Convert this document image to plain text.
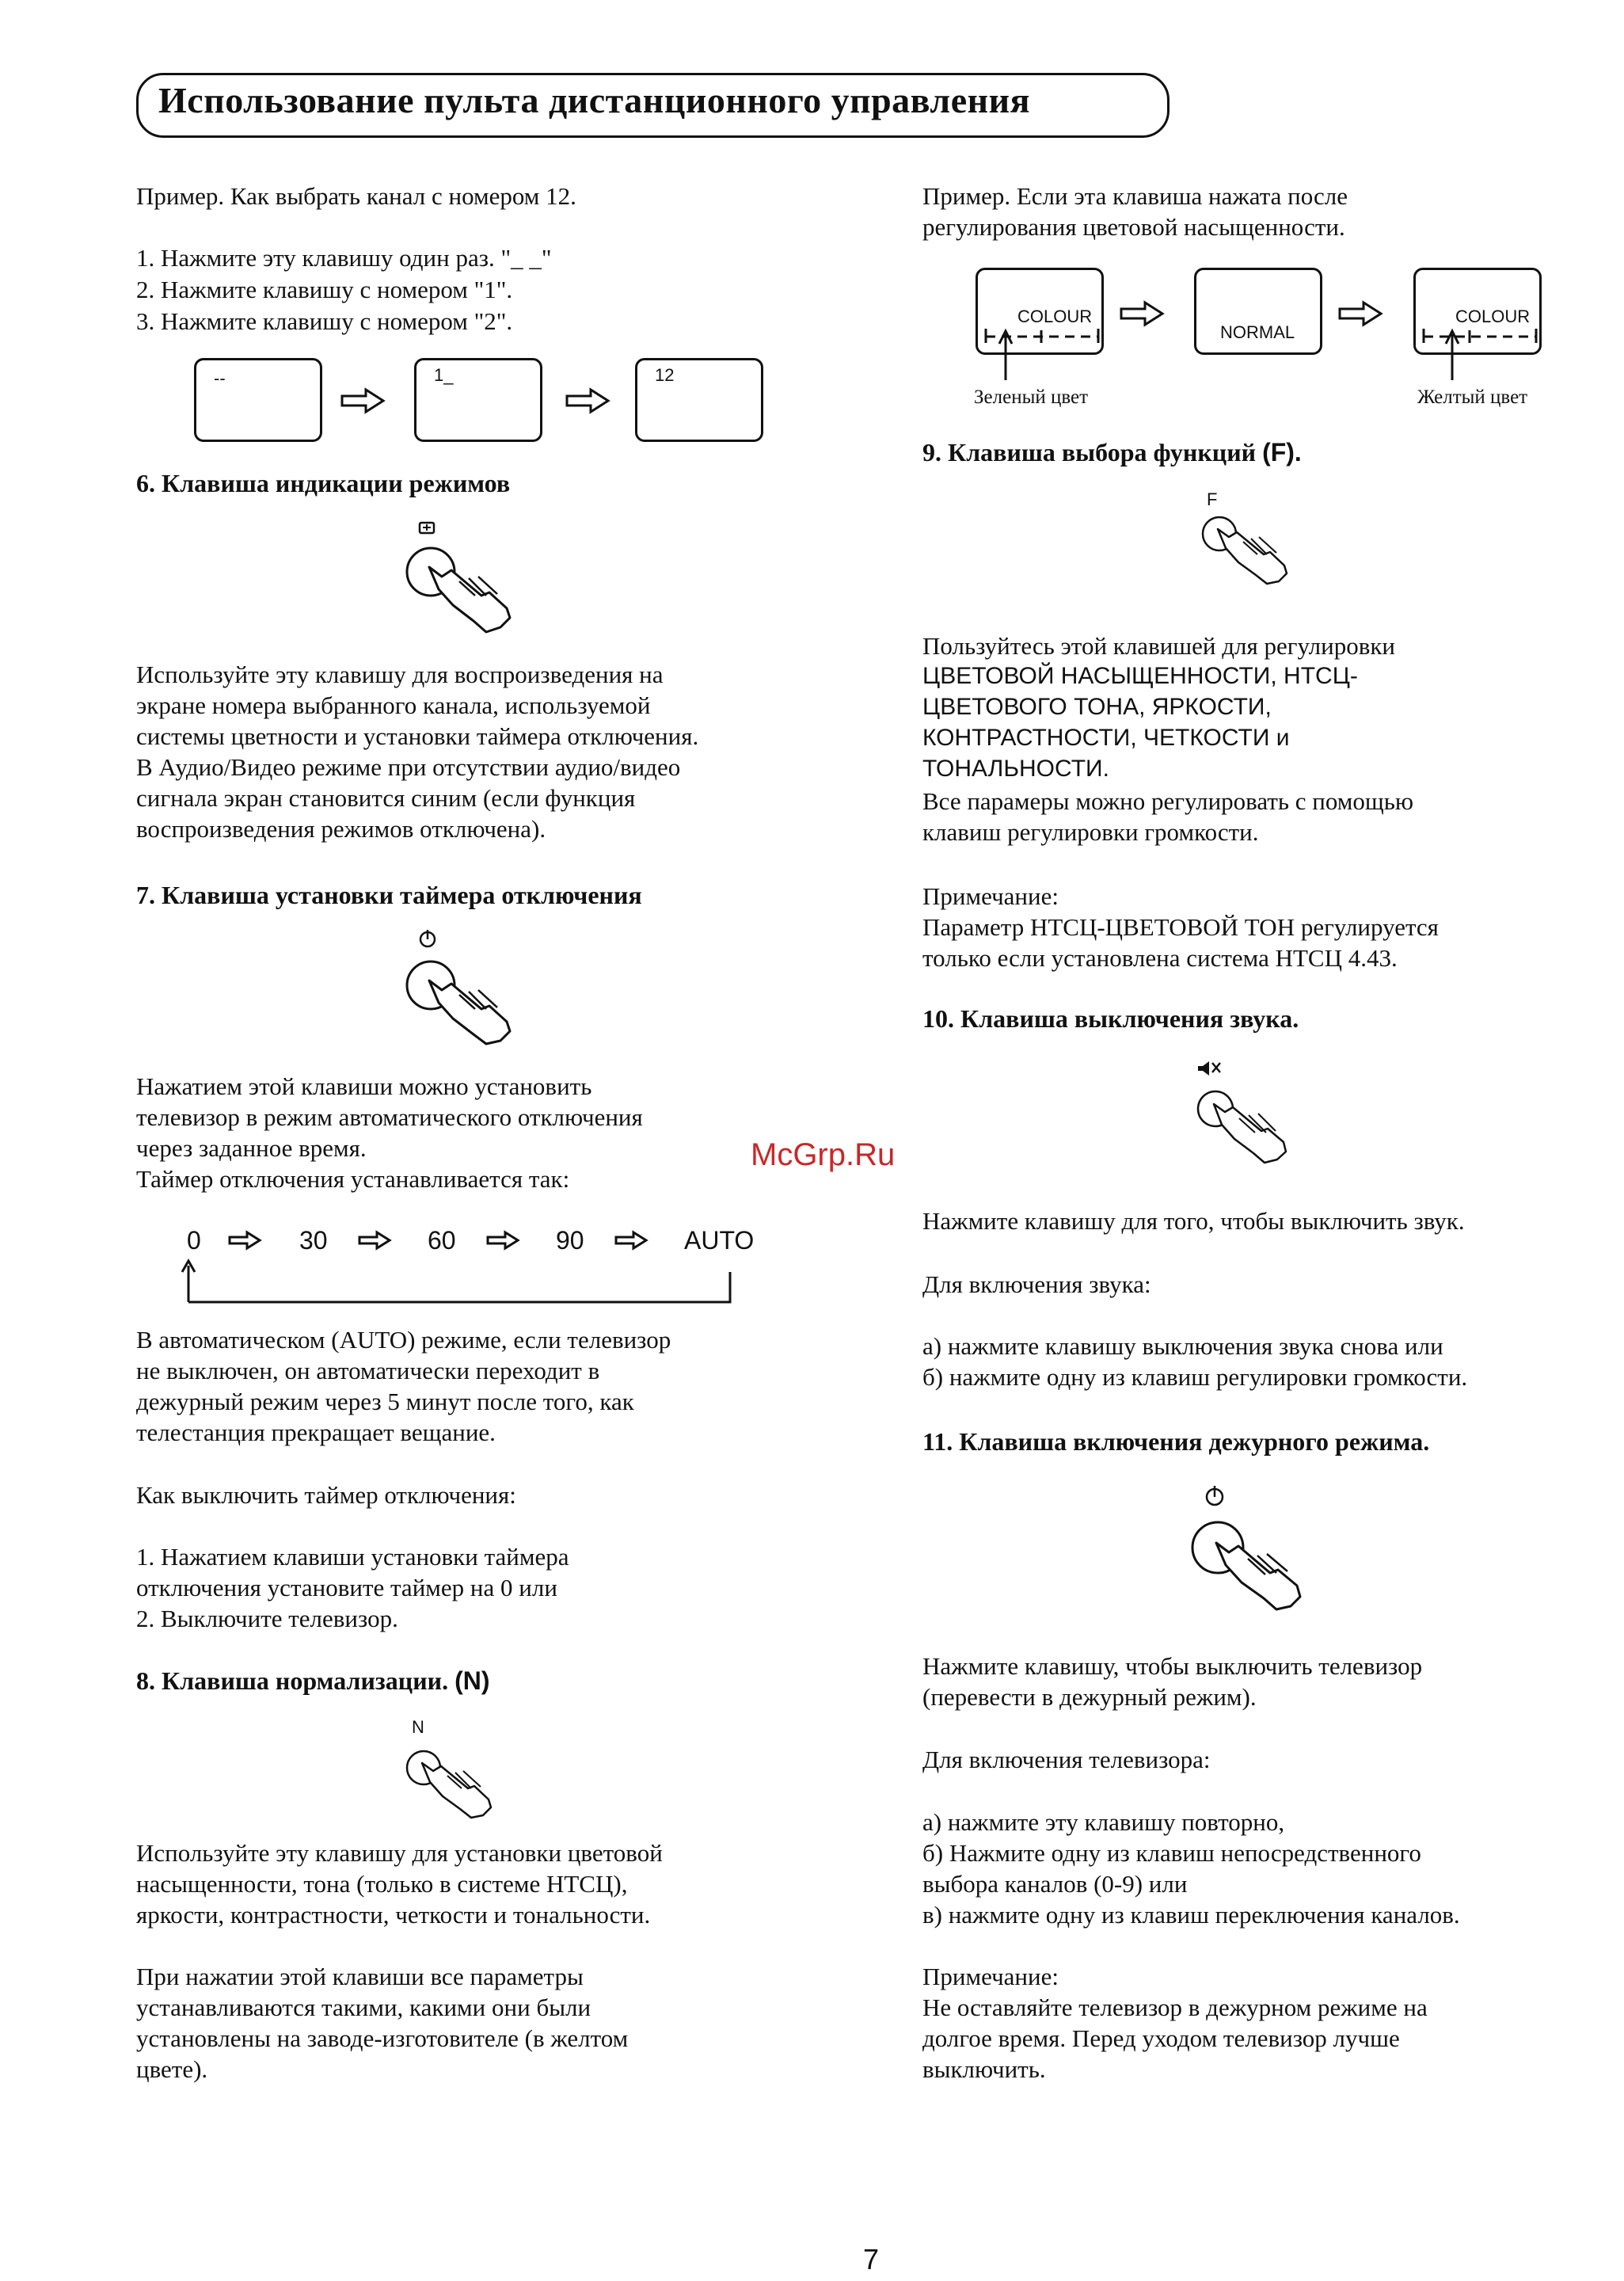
Использование пульта дистанционного управления
Пример. Как выбрать канал с номером 12.
1. Нажмите эту клавишу один раз. "_ _"
2. Нажмите клавишу с номером "1".
3. Нажмите клавишу с номером "2".
--	1_	12
6. Клавиша индикации режимов
Используйте эту клавишу для воспроизведения на
экране номера выбранного канала, используемой
системы цветности и установки таймера отключения.
В Аудио/Видео режиме при отсутствии аудио/видео
сигнала экран становится синим (если функция
воспроизведения режимов отключена).
7. Клавиша установки таймера отключения
Нажатием этой клавиши можно установить
телевизор в режим автоматического отключения
через заданное время.
Таймер отключения устанавливается так:
0	30	60	90	AUTO
В автоматическом (AUTO) режиме, если телевизор
не выключен, он автоматически переходит в
дежурный режим через 5 минут после того, как
телестанция прекращает вещание.
Как выключить таймер отключения:
1. Нажатием клавиши установки таймера
отключения установите таймер на 0 или
2. Выключите телевизор.
8. Клавиша нормализации. (N)
N
Используйте эту клавишу для установки цветовой
насыщенности, тона (только в системе НТСЦ),
яркости, контрастности, четкости и тональности.
При нажатии этой клавиши все параметры
устанавливаются такими, какими они были
установлены на заводе-изготовителе (в желтом
цвете).
Пример. Если эта клавиша нажата после
регулирования цветовой насыщенности.
COLOUR
NORMAL
COLOUR
Зеленый цвет	Желтый цвет
9. Клавиша выбора функций (F).
F
Пользуйтесь этой клавишей для регулировки
ЦВЕТОВОЙ НАСЫЩЕННОСТИ, НТСЦ-
ЦВЕТОВОГО ТОНА, ЯРКОСТИ,
КОНТРАСТНОСТИ, ЧЕТКОСТИ и
ТОНАЛЬНОСТИ.
Все парамеры можно регулировать с помощью
клавиш регулировки громкости.
Примечание:
Параметр НТСЦ-ЦВЕТОВОЙ ТОН регулируется
только если установлена система НТСЦ 4.43.
10. Клавиша выключения звука.
Нажмите клавишу для того, чтобы выключить звук.
Для включения звука:
а) нажмите клавишу выключения звука снова или
б) нажмите одну из клавиш регулировки громкости.
11. Клавиша включения дежурного режима.
Нажмите клавишу, чтобы выключить телевизор
(перевести в дежурный режим).
Для включения телевизора:
а) нажмите эту клавишу повторно,
б) Нажмите одну из клавиш непосредственного
выбора каналов (0-9) или
в) нажмите одну из клавиш переключения каналов.
Примечание:
Не оставляйте телевизор в дежурном режиме на
долгое время. Перед уходом телевизор лучше
выключить.
McGrp.Ru
7
